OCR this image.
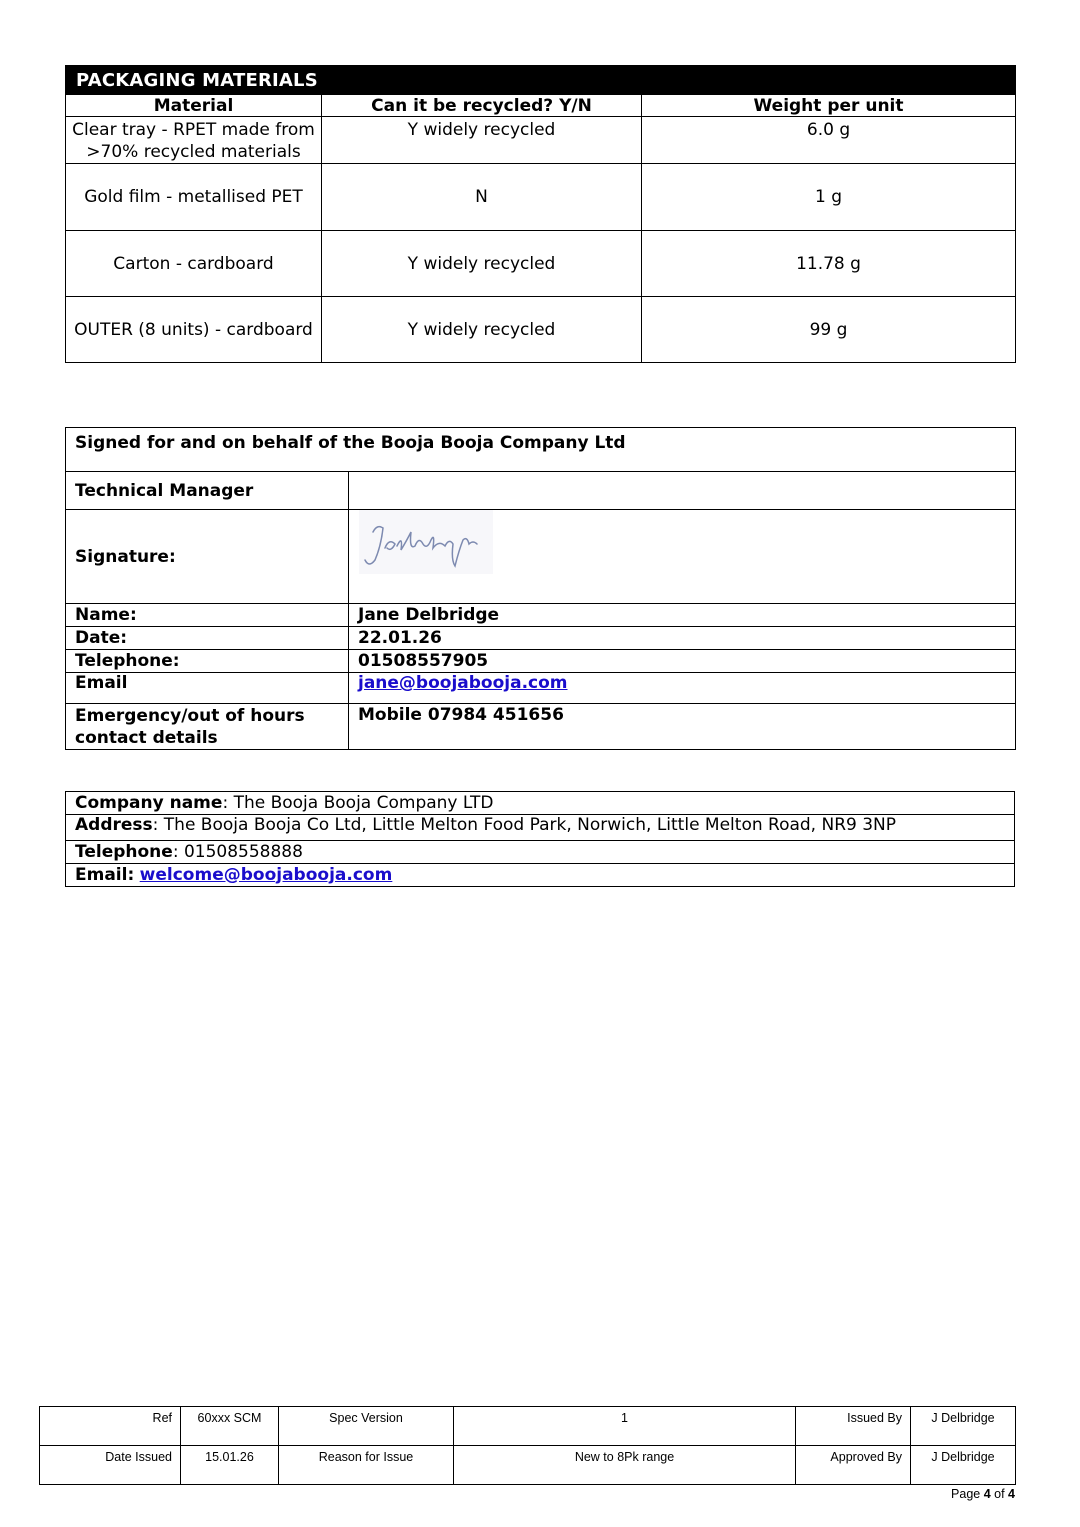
PACKAGING MATERIALS		
Material	Can it be recycled? Y/N	Weight per unit

Clear tray - RPET made from
>70% recycled materials	Y widely recycled	6.0 g
Gold film - metallised PET	N	1 g
Carton - cardboard	Y widely recycled	11.78 g
OUTER (8 units) - cardboard	Y widely recycled	99 g
Signed for and on behalf of the Booja Booja Company Ltd	
Technical Manager	
Signature:	

Name:	Jane Delbridge
Date:	22.01.26
Telephone:	01508557905
Email	jane@boojabooja.com

Emergency/out of hours
contact details	Mobile 07984 451656
Company name: The Booja Booja Company LTD
Address: The Booja Booja Co Ltd, Little Melton Food Park, Norwich, Little Melton Road, NR9 3NP
Telephone: 01508558888
Email: welcome@boojabooja.com
Ref	60xxx SCM	Spec Version	1	Issued By	J Delbridge
Date Issued	15.01.26	Reason for Issue	New to 8Pk range	Approved By	J Delbridge
Page 4 of 4
